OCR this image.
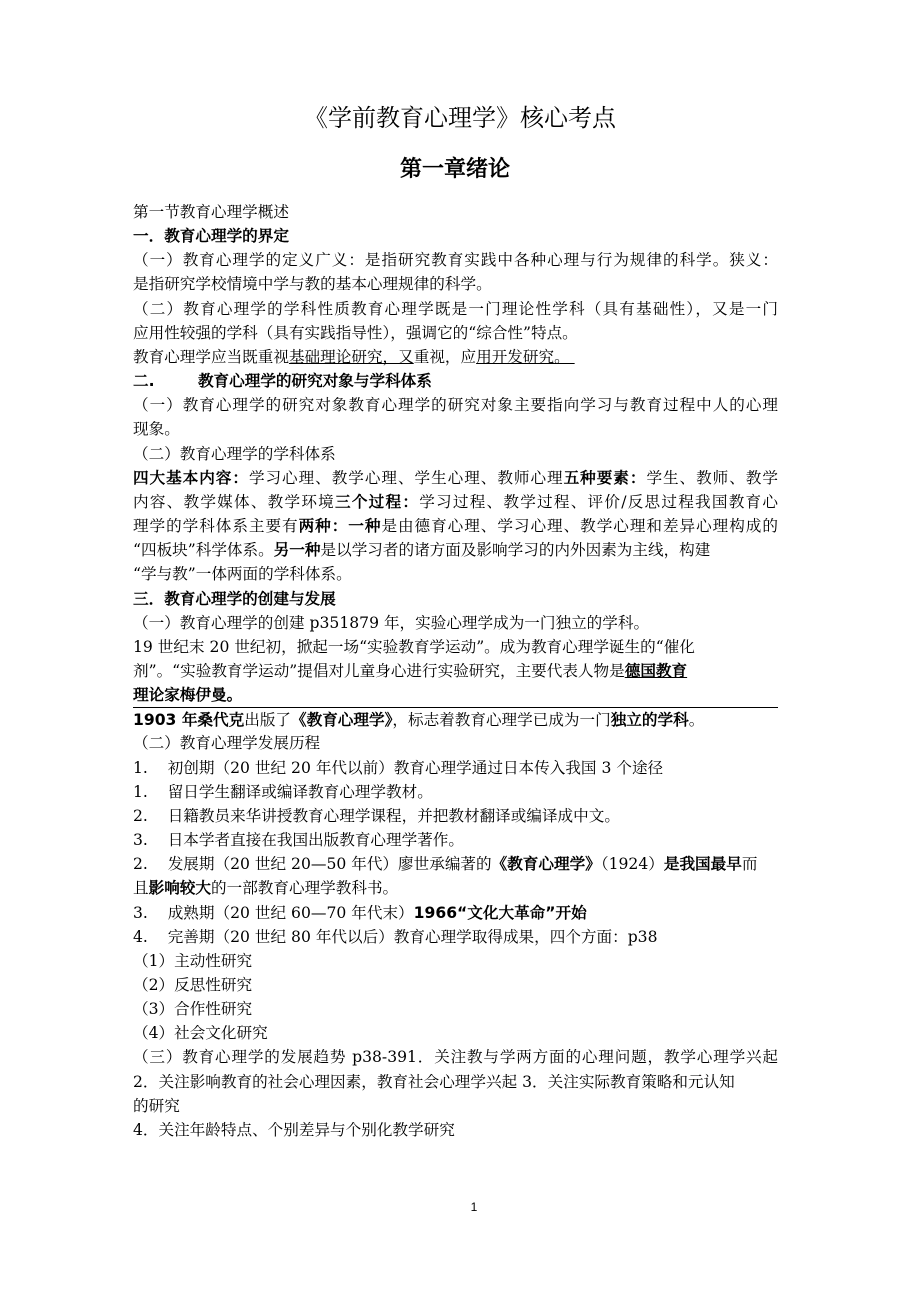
《学前教育心理学》核心考点
第一章绪论
第一节教育心理学概述
一．教育心理学的界定
（一）教育心理学的定义广义：是指研究教育实践中各种心理与行为规律的科学。狭义：
是指研究学校情境中学与教的基本心理规律的科学。
（二）教育心理学的学科性质教育心理学既是一门理论性学科（具有基础性），又是一门
应用性较强的学科（具有实践指导性），强调它的“综合性”特点。
教育心理学应当既重视基础理论研究，又重视，应用开发研究。
二.        教育心理学的研究对象与学科体系
（一）教育心理学的研究对象教育心理学的研究对象主要指向学习与教育过程中人的心理
现象。
（二）教育心理学的学科体系
四大基本内容：学习心理、教学心理、学生心理、教师心理五种要素：学生、教师、教学
内容、教学媒体、教学环境三个过程：学习过程、教学过程、评价/反思过程我国教育心
理学的学科体系主要有两种：一种是由德育心理、学习心理、教学心理和差异心理构成的
“四板块”科学体系。另一种是以学习者的诸方面及影响学习的内外因素为主线，构建
“学与教”一体两面的学科体系。
三．教育心理学的创建与发展
（一）教育心理学的创建 p351879 年，实验心理学成为一门独立的学科。
19 世纪末 20 世纪初，掀起一场“实验教育学运动”。成为教育心理学诞生的“催化
剂”。“实验教育学运动”提倡对儿童身心进行实验研究，主要代表人物是德国教育
理论家梅伊曼。
1903 年桑代克出版了《教育心理学》，标志着教育心理学已成为一门独立的学科。
（二）教育心理学发展历程
1.    初创期（20 世纪 20 年代以前）教育心理学通过日本传入我国 3 个途径
1.    留日学生翻译或编译教育心理学教材。
2.    日籍教员来华讲授教育心理学课程，并把教材翻译或编译成中文。
3.    日本学者直接在我国出版教育心理学著作。
2.    发展期（20 世纪 20—50 年代）廖世承编著的《教育心理学》（1924）是我国最早而
且影响较大的一部教育心理学教科书。
3.    成熟期（20 世纪 60—70 年代末）1966“文化大革命”开始
4.    完善期（20 世纪 80 年代以后）教育心理学取得成果，四个方面：p38
（1）主动性研究
（2）反思性研究
（3）合作性研究
（4）社会文化研究
（三）教育心理学的发展趋势 p38-391．关注教与学两方面的心理问题，教学心理学兴起
2．关注影响教育的社会心理因素，教育社会心理学兴起 3．关注实际教育策略和元认知
的研究
4．关注年龄特点、个别差异与个别化教学研究
1
